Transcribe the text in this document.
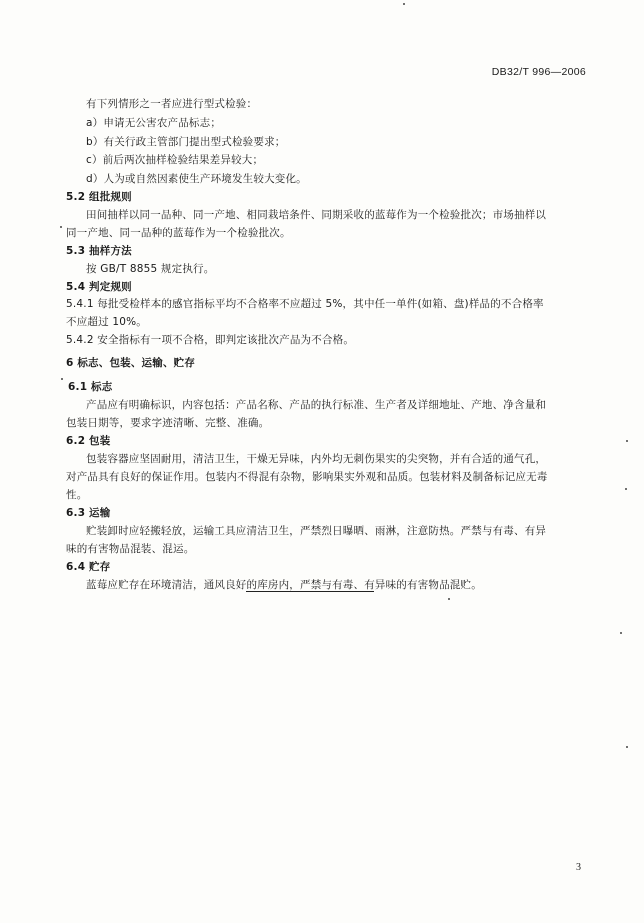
DB32/T 996—2006
有下列情形之一者应进行型式检验：
a）申请无公害农产品标志；
b）有关行政主管部门提出型式检验要求；
c）前后两次抽样检验结果差异较大；
d）人为或自然因素使生产环境发生较大变化。
5.2 组批规则
田间抽样以同一品种、同一产地、相同栽培条件、同期采收的蓝莓作为一个检验批次；市场抽样以
同一产地、同一品种的蓝莓作为一个检验批次。
5.3 抽样方法
按 GB/T 8855 规定执行。
5.4 判定规则
5.4.1 每批受检样本的感官指标平均不合格率不应超过 5%，其中任一单件(如箱、盘)样品的不合格率
不应超过 10%。
5.4.2 安全指标有一项不合格，即判定该批次产品为不合格。
6 标志、包装、运输、贮存
6.1 标志
产品应有明确标识，内容包括：产品名称、产品的执行标准、生产者及详细地址、产地、净含量和
包装日期等，要求字迹清晰、完整、准确。
6.2 包装
包装容器应坚固耐用，清洁卫生，干燥无异味，内外均无刺伤果实的尖突物，并有合适的通气孔，
对产品具有良好的保证作用。包装内不得混有杂物，影响果实外观和品质。包装材料及制备标记应无毒
性。
6.3 运输
贮装卸时应轻搬轻放，运输工具应清洁卫生，严禁烈日曝晒、雨淋，注意防热。严禁与有毒、有异
味的有害物品混装、混运。
6.4 贮存
蓝莓应贮存在环境清洁，通风良好的库房内，严禁与有毒、有异味的有害物品混贮。
3
